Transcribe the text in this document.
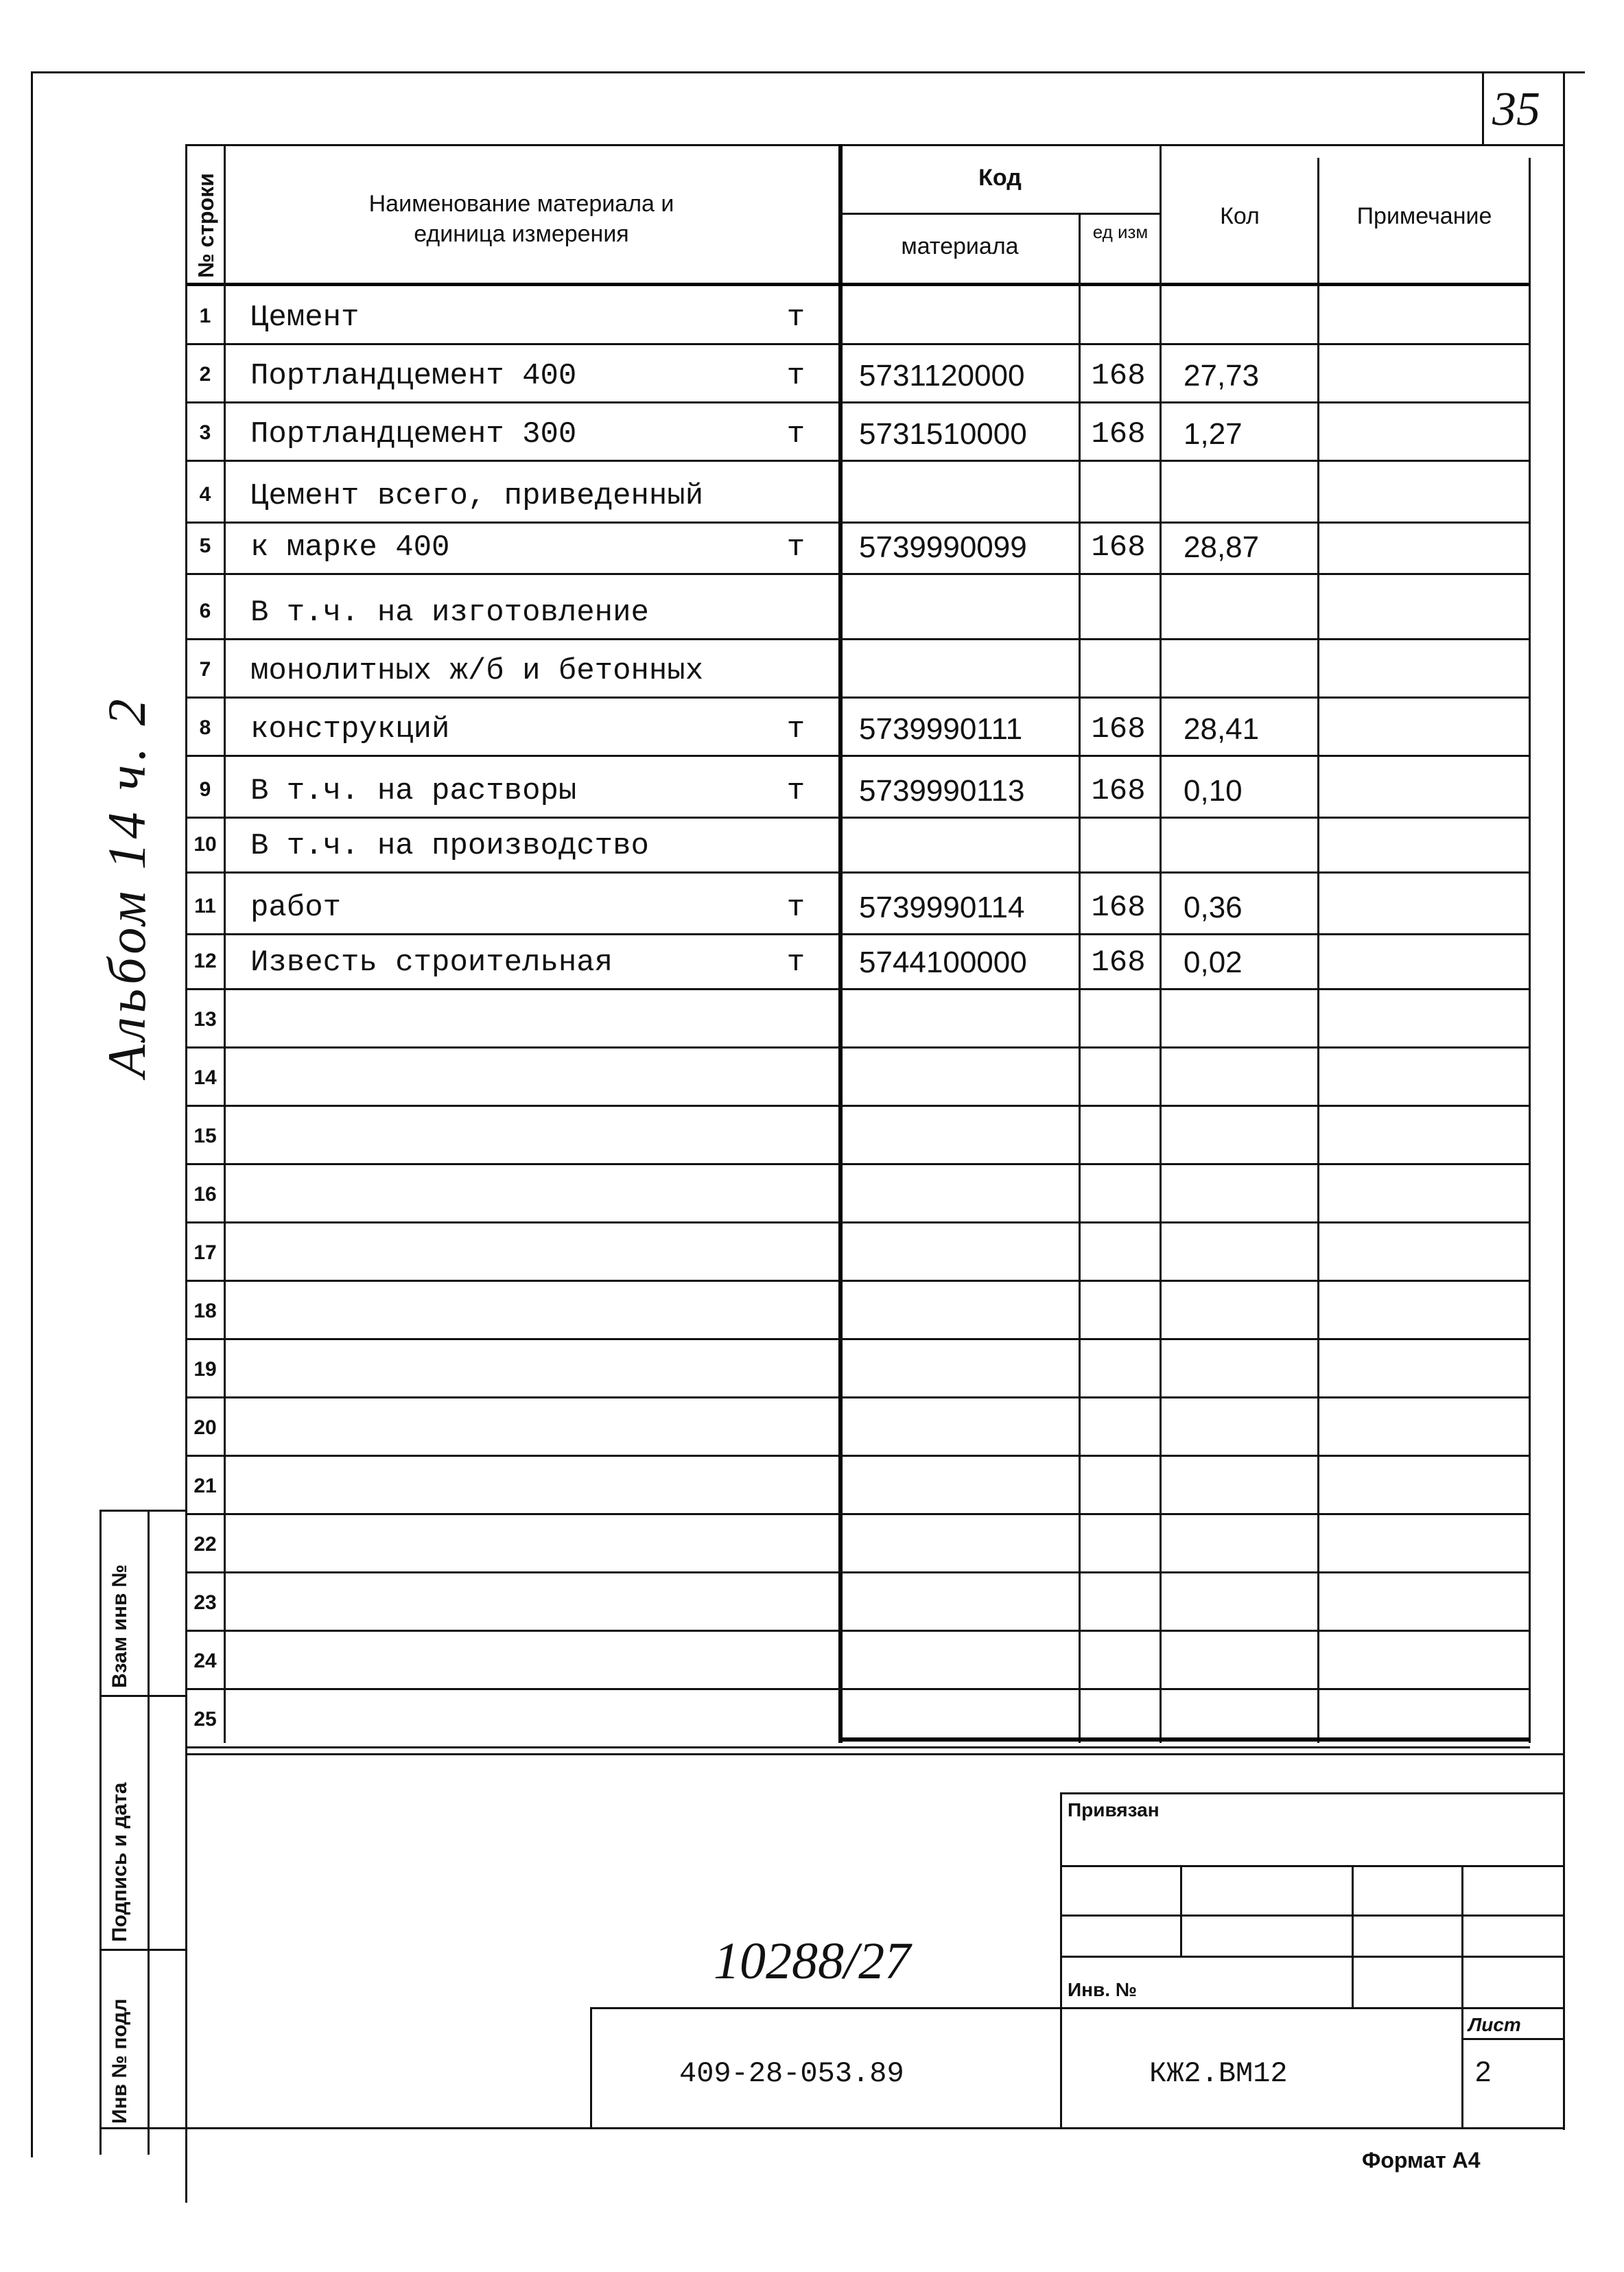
35
Альбом 14 ч. 2
№ строки	Наименование материала и
единица измерения
Код
материала
ед изм
Кол	Примечание
1	Цемент	т
2	Портландцемент 400	т	5731120000	168	27,73
3	Портландцемент 300	т	5731510000	168	1,27
4	Цемент всего, приведенный
5	к марке 400	т	5739990099	168	28,87
6	В т.ч. на изготовление
7	монолитных ж/б и бетонных
8	конструкций	т	5739990111	168	28,41
9	В т.ч. на растворы	т	5739990113	168	0,10
10 В т.ч. на производство
11 работ	т	5739990114	168	0,36
12 Известь строительная	т	5744100000	168	0,02
13
14
15
16
17
18
19
20
21
22
23
24
25
Взам инв №
Подпись и дата
Инв № подл
Привязан
Инв. №
10288/27
409-28-053.89	КЖ2.ВМ12
Лист
2
Формат А4
